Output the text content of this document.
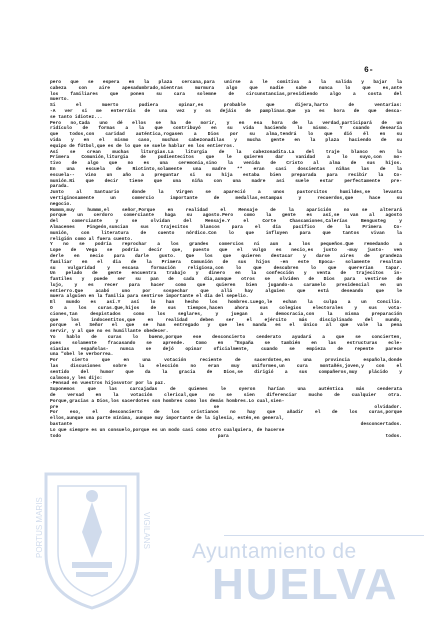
6-
pero que se espera en la plaza cercana,para unirse a le comitiva a la salida y bajar la
cabeza con aire apesadumbrado,mientras murmura algo que nadie sabe nunca lo que es,ante
los familiares que ponen su cara solemne de circunstancias,presidiendo algo a costa del
muerto.
Si el muerto pudiera opinar,es probable que dijera,harto de ventarías:
-A ver si me enterráis de una vez y os dejáis de pamplinas.Que ya es hora de que desca-
se tanto idiotez...
Pero no,Cada uno dé ellos se ha de morir, y en esa hora de la verdad,participará de un
ridículo de formas a la que contribuyó en su vida haciendo lo mismo. Y cuando desearía
que todos,con caridad auténtica,rogasen a Dios por su alma,tendrá lo que dió él en su
vida y en el mismo caso, muchas cabezonadilas y mucha gente en la plaza haciendo de su
equipo de fútbol,que es de lo que se suele hablar en los entierros.
Así se crean muchas liturgias.La liturgia de la cabezonadita.La del traje blanco en la
Primera Comunión,liturgia de pudientecitos que le quieren dar vanidad a lo suyo,con mo-
tivo de algo que no es una ceremonia,sino la venida de Cristo al alma de sus hijos.
En una escuela de Riotinto,solamente una madre ** eran casi doscientas niñas las de la
escuela-- vino un año a preguntar si su hija estaba bien preparada para recibir la Co-
munión.Ni que decir tiene que una niña con una madre así suele estar perfectamente pre-
parada.
Junto al Santuario donde la Virgen se apareció a unos pastorcitos humildes,se levanta
vertiginosamente un comercio importante de medallas,estampas y recuerdos,que hace su
negocio.
Hummm,muy hummm,el señor,Porque en realidad el Mensaje de la aparición no se alterará
porque un cerdoro comerciante haga su agosto.Pero como la gente es así,se van al agosto
del comerciante y se olvidan del Mensaje.Y el Corte Chascamiones,Calerías Bengusteg y
Almacenes Pingeón,suncian sus trajecitos blancos para el día pacífico de la Primera Co-
munión, con literatura de cuento nórdico.Con lo que influyen para que tantos vivan la
religión como al fuera cuento.
Y no se podría reprochar a los grandes comercios ni aun a los pequeños.Que remedando a
Lope de Vega se podría decir que, puesto que el vulgo es necio,es justo -muy justo- ven
derle en necio para darle gusto. Que los que quieren destacar y darse aires de grandeza
familiar en el dia de la Primera Comunión de sus hijos -en este Epoca- solamente resaltan
su vulgaridad y escasa formación religiosa,con lo que descubren lo que quererían tapar.
Un pelado de gente encuentra trabajo y dinero en la confección y venta de trajecitos in-
fantiles y puede ser su pan de cada día,aunque otros se olviden de Dios para vestirse de
lujo, y es recer para hacer como que quieren bien jugando-a caramelo presidencial en un
entierro.Que acabó uno por sospechar que allá hay alguien que está deseando que le
muera alguien en la familia para sentirse importante el día del sepelio.
El mundo es así.Y así lo han hecho los hombres.Luego,le echan la culpa a un Concilio.
O a los curas.Que,hijos de sus tiempos,hacen ahora sus colegios electorales y sus vota-
ciones,tan despistados como los seglares, y juegan a democracia,con la misma preparación
que los indocentitos,que en realidad deben ser el ejército más disciplinado del mundo,
porque el Señor el que se han entregado y que les manda es el único al que vale la pena
servir, y al que no es humillante obedecer.
Yo hablo de curas lo bueno,porque ese desconcierto cenderato ayudará a que se concierten,
pues solamente fracasando se aprende. Como en "España se también en las estructuras ecle-
siasías españolas- nunca se dejó opinar oficialmente, cuando se empieza de repente parece
una "obel le verborrea.
Por cierto que en una votación reciente de sacerdotes,en una provincia española,donde
las discusiones sobre la elección no eran muy uniformes,un cura montañés,joven,y con el
sentido del humor que da la gracia de Dios,se dirigió a sus compañeros,muy plácido y
calmoso,y les dijo:
-Pensad en vuestros hijosvotor por la paz.
Suponemos que las carcajadas de quienes le oyeron harían una auténtica más cenderata
de versad en la votación clerical,que no se sien diferenciar mucho de cualquier otra.
Porque,gracias a Dios,los sacerdotes son hombres como los demás hombres.Lo cual,sien-
pre se olvidador.
Por eso, el desconcierto de los cristianos no hay que añadir el de los curas,porque
ellos,aunque una parte mínima, aunque muy importante de la iglesia, estén,en general,
bastante desconcertados.
Lo que siempre es un consuelo,porque es un modo casi como otro cualquiera, de hacerse
todo para todos.
PORTUS MARIS	VIGILANS
Ayuntamiento de
HUELVA
